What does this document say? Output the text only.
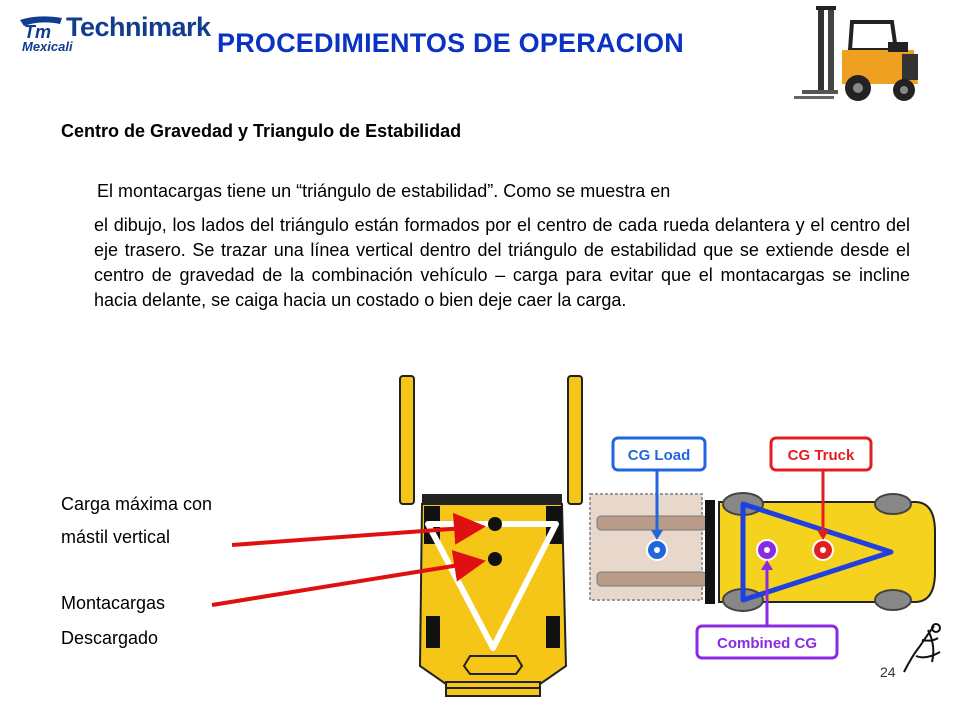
Tm Technimark
Mexicali	PROCEDIMIENTOS DE OPERACION
Centro de Gravedad y Triangulo de Estabilidad
El montacargas tiene un “triángulo de estabilidad”. Como se muestra en
el dibujo, los lados del triángulo están formados por el centro de cada rueda delantera y el centro del eje trasero. Se trazar una línea vertical dentro del triángulo de estabilidad que se extiende desde el centro de gravedad de la combinación vehículo – carga para evitar que el montacargas se incline hacia delante, se caiga hacia un costado o bien deje caer la carga.
Carga máxima con
mástil vertical
Montacargas
Descargado
CG Load	CG Truck
Combined CG
24
